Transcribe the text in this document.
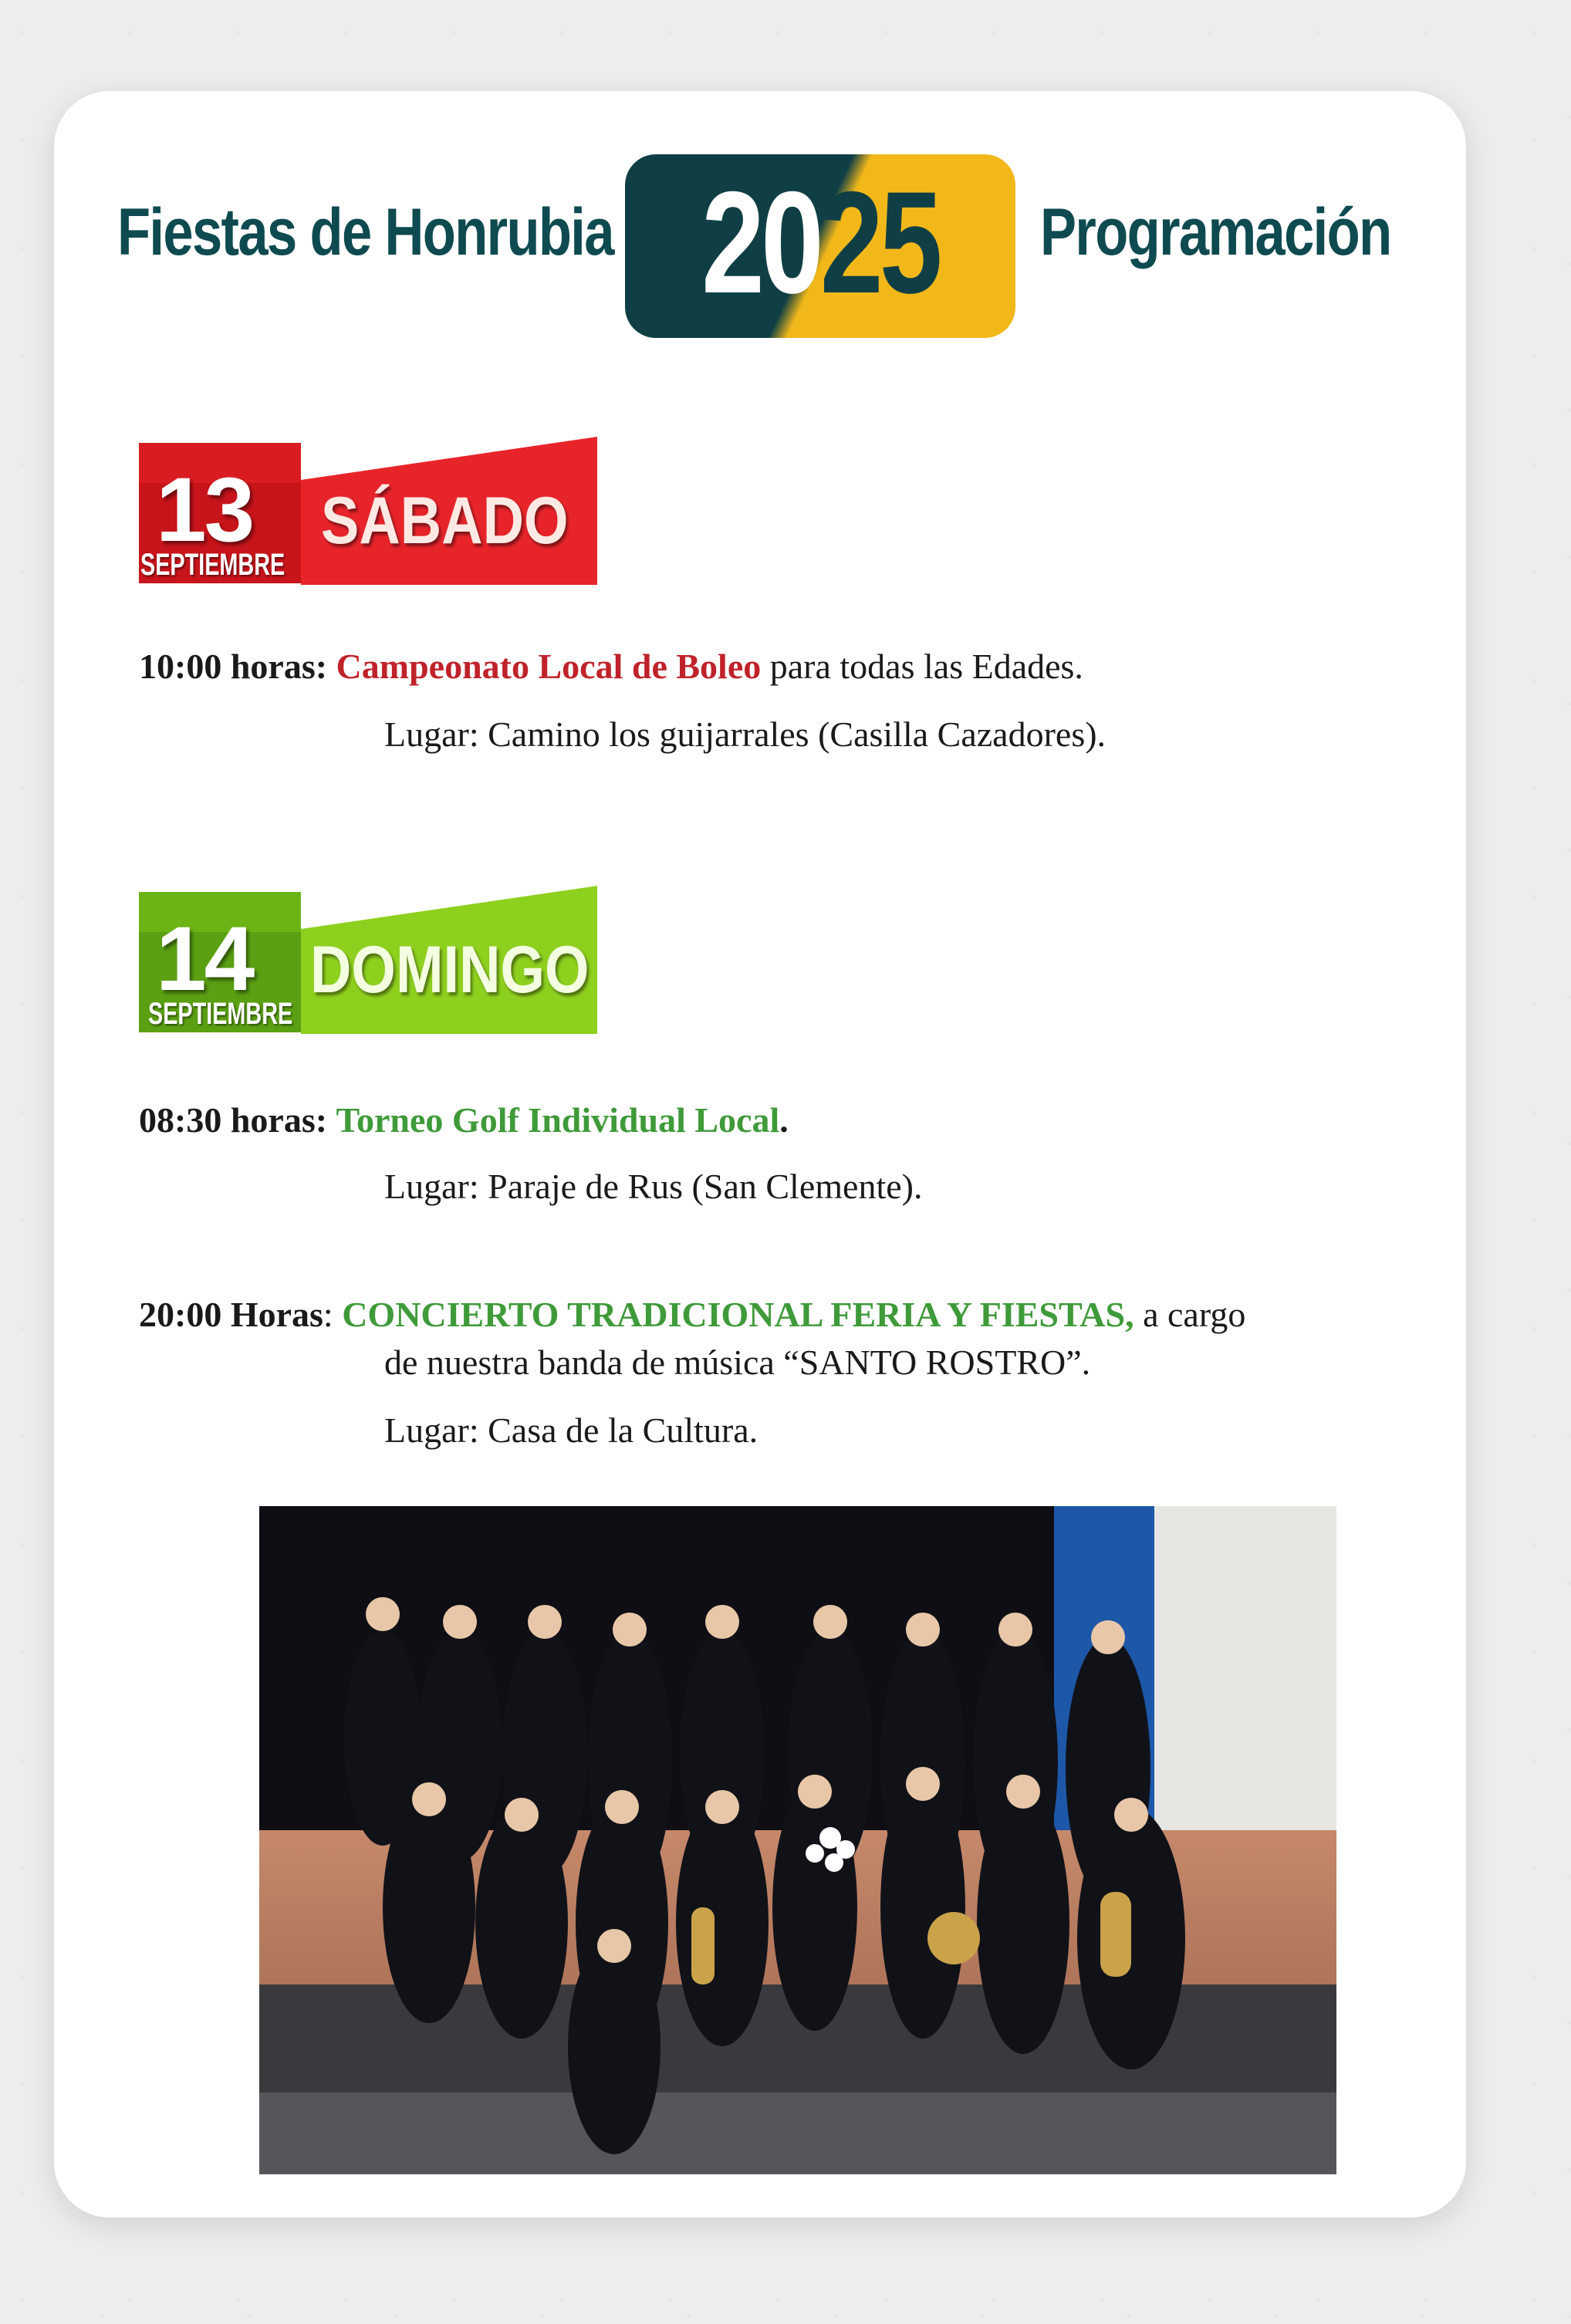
Fiestas de Honrubia 2025	Programación
13
SEPTIEMBRE
SÁBADO
10:00 horas: Campeonato Local de Boleo para todas las Edades.
Lugar: Camino los guijarrales (Casilla Cazadores).
14
SEPTIEMBRE
DOMINGO
08:30 horas: Torneo Golf Individual Local.
Lugar: Paraje de Rus (San Clemente).
20:00 Horas: CONCIERTO TRADICIONAL FERIA Y FIESTAS, a cargo
de nuestra banda de música “SANTO ROSTRO”.
Lugar: Casa de la Cultura.
